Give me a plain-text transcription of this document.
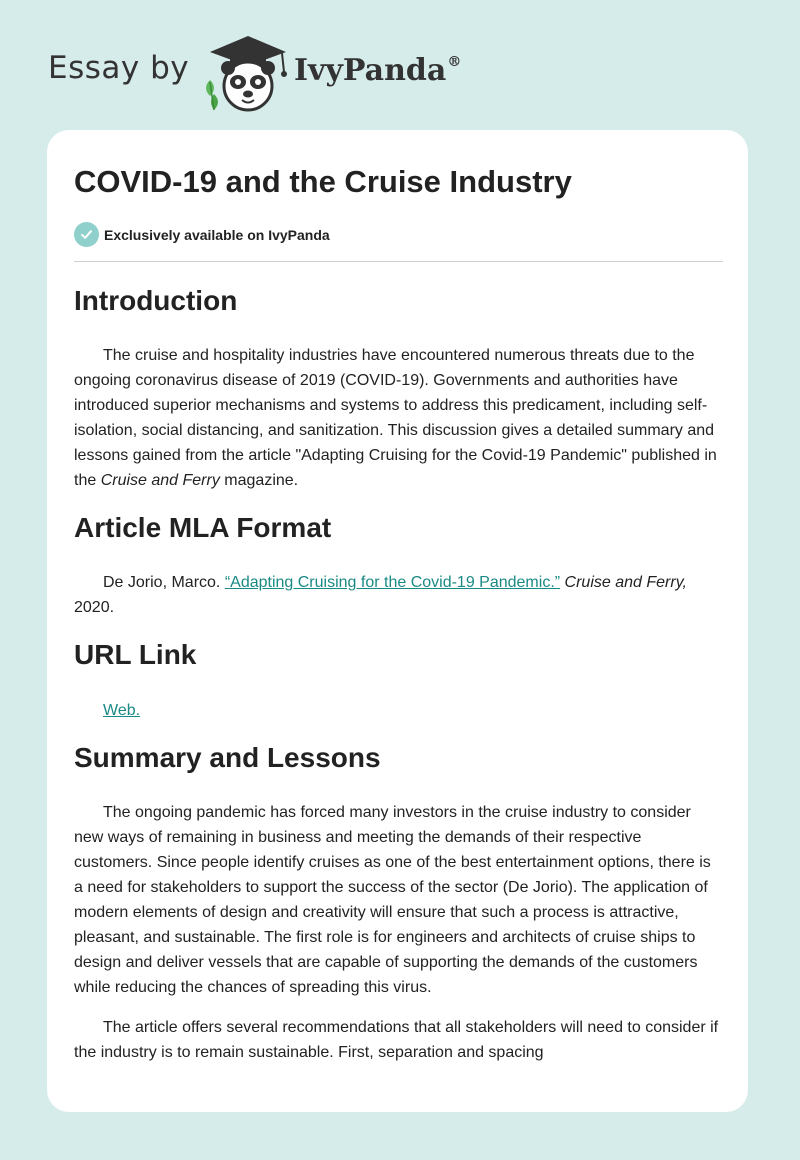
Essay by	IvyPanda®
COVID-19 and the Cruise Industry
Exclusively available on IvyPanda
Introduction

The cruise and hospitality industries have encountered numerous threats due to the ongoing coronavirus disease of 2019 (COVID-19). Governments and authorities have introduced superior mechanisms and systems to address this predicament, including self-isolation, social distancing, and sanitization. This discussion gives a detailed summary and lessons gained from the article "Adapting Cruising for the Covid-19 Pandemic" published in the Cruise and Ferry magazine.

Article MLA Format

De Jorio, Marco. “Adapting Cruising for the Covid-19 Pandemic.” Cruise and Ferry, 2020.

URL Link

Web.

Summary and Lessons

The ongoing pandemic has forced many investors in the cruise industry to consider new ways of remaining in business and meeting the demands of their respective customers. Since people identify cruises as one of the best entertainment options, there is a need for stakeholders to support the success of the sector (De Jorio). The application of modern elements of design and creativity will ensure that such a process is attractive, pleasant, and sustainable. The first role is for engineers and architects of cruise ships to design and deliver vessels that are capable of supporting the demands of the customers while reducing the chances of spreading this virus.

The article offers several recommendations that all stakeholders will need to consider if the industry is to remain sustainable. First, separation and spacing
